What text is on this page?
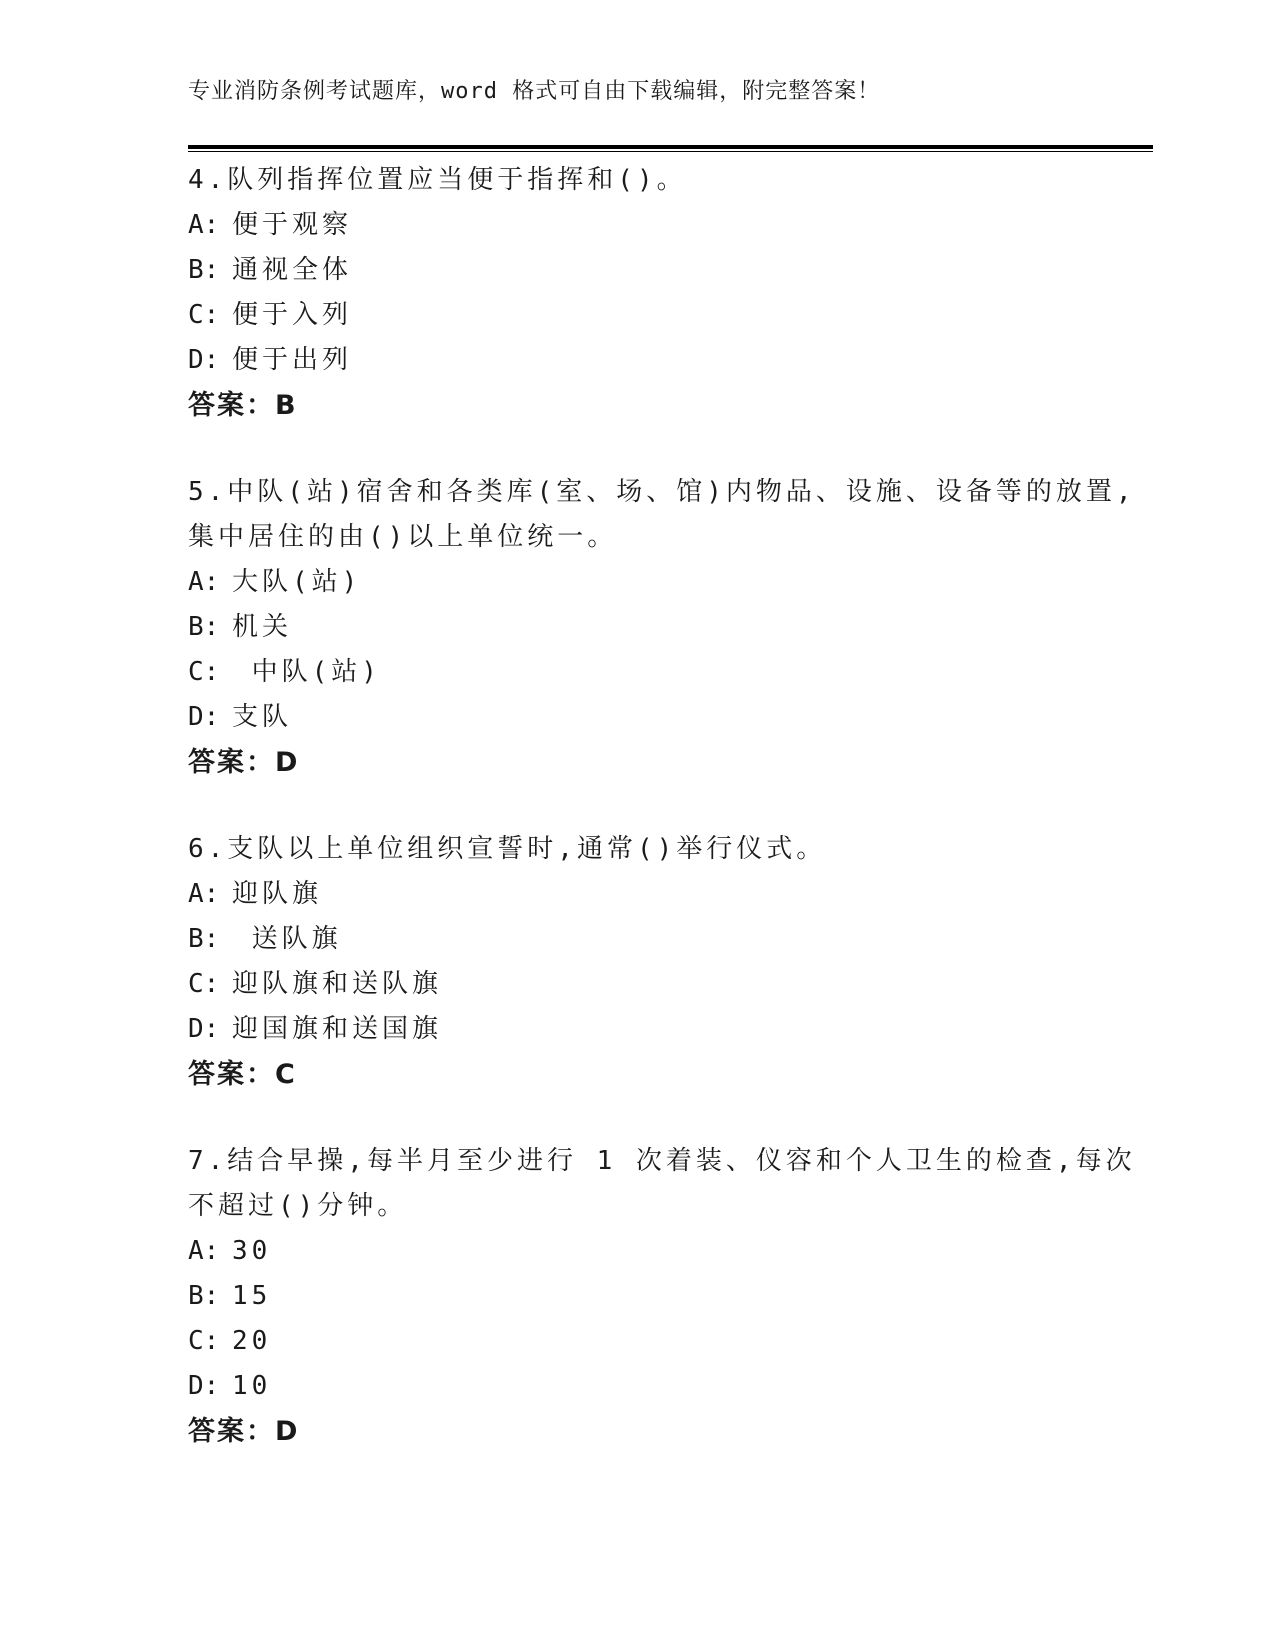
专业消防条例考试题库，word 格式可自由下载编辑，附完整答案！
4.队列指挥位置应当便于指挥和()。
A: 便于观察
B: 通视全体
C: 便于入列
D: 便于出列
答案：B
5.中队(站)宿舍和各类库(室、场、馆)内物品、设施、设备等的放置,
集中居住的由()以上单位统一。
A: 大队(站)
B: 机关
C: 中队(站)
D: 支队
答案：D
6.支队以上单位组织宣誓时,通常()举行仪式。
A: 迎队旗
B: 送队旗
C: 迎队旗和送队旗
D: 迎国旗和送国旗
答案：C
7.结合早操,每半月至少进行 1 次着装、仪容和个人卫生的检查,每次
不超过()分钟。
A: 30
B: 15
C: 20
D: 10
答案：D
